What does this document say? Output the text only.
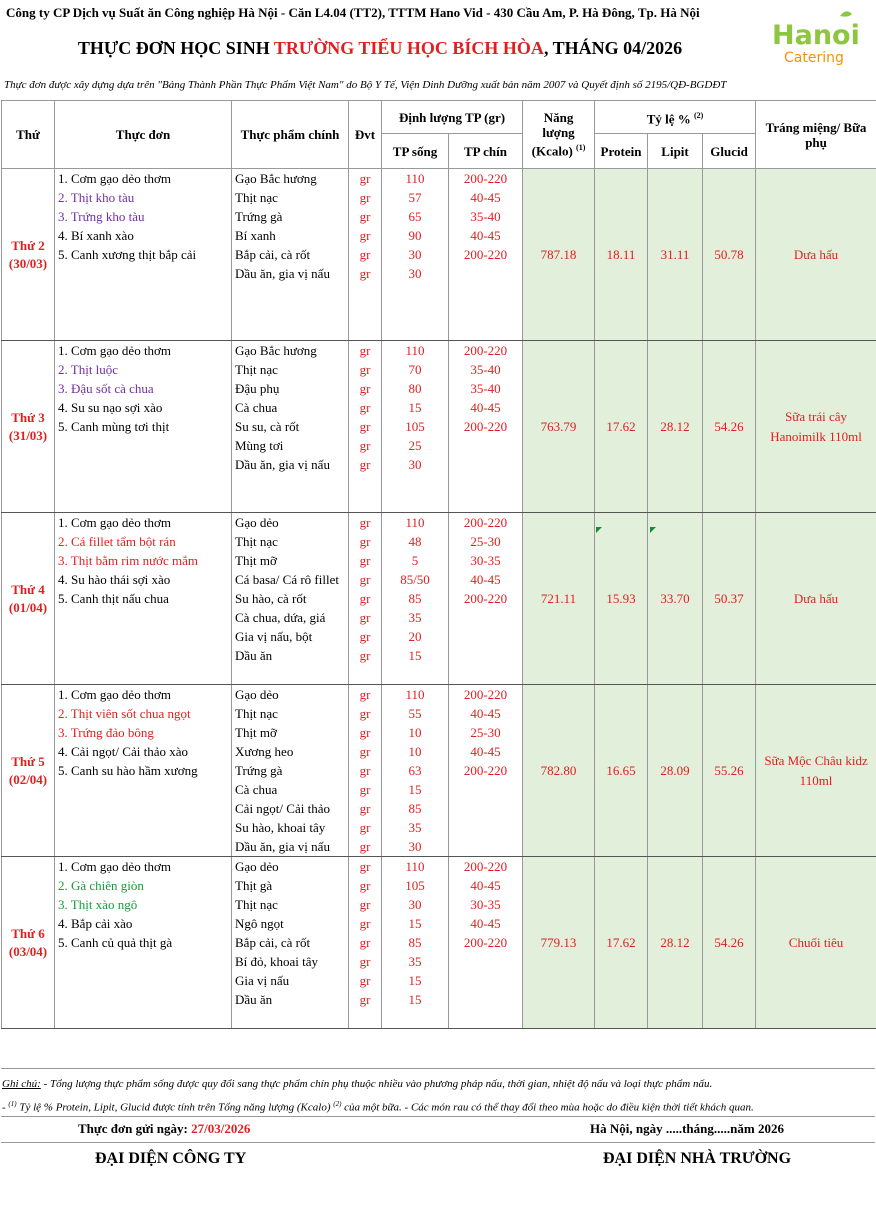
Công ty CP Dịch vụ Suất ăn Công nghiệp Hà Nội - Căn L4.04 (TT2), TTTM Hano Vid - 430 Cầu Am, P. Hà Đông, Tp. Hà Nội
THỰC ĐƠN HỌC SINH TRƯỜNG TIỂU HỌC BÍCH HÒA, THÁNG 04/2026	Hanoi
Catering
Thực đơn được xây dựng dựa trên "Bảng Thành Phần Thực Phẩm Việt Nam" do Bộ Y Tế, Viện Dinh Dưỡng xuất bản năm 2007 và Quyết định số 2195/QĐ-BGDĐT
Thứ	Thực đơn	Thực phẩm chính	Đvt	Định lượng TP (gr)		Năng lượng
(Kcalo) $^{(1)}$	Tỷ lệ % $^{(2)}$			Tráng miệng/ Bữa phụ
				TP sống	TP chín		Protein	Lipit	Glucid	

Thứ 2
(30/03)	1. Cơm gạo dẻo thơm	Gạo Bắc hương	gr	110	200-220	787.18	18.11	31.11	50.78	Dưa hấu
	2. Thịt kho tàu	Thịt nạc	gr	57	40-45					
	3. Trứng kho tàu	Trứng gà	gr	65	35-40					
	4. Bí xanh xào	Bí xanh	gr	90	40-45					
	5. Canh xương thịt bắp cải	Bắp cải, cà rốt	gr	30	200-220					
		Dầu ăn, gia vị nấu	gr	30						

Thứ 3
(31/03)	1. Cơm gạo dẻo thơm	Gạo Bắc hương	gr	110	200-220	763.79	17.62	28.12	54.26	Sữa trái cây Hanoimilk 110ml
	2. Thịt luộc	Thịt nạc	gr	70	35-40					
	3. Đậu sốt cà chua	Đậu phụ	gr	80	35-40					
	4. Su su nạo sợi xào	Cà chua	gr	15	40-45					
	5. Canh mùng tơi thịt	Su su, cà rốt	gr	105	200-220					
		Mùng tơi	gr	25						
		Dầu ăn, gia vị nấu	gr	30						

Thứ 4
(01/04)	1. Cơm gạo dẻo thơm	Gạo dẻo	gr	110	200-220	721.11	15.93	33.70	50.37	Dưa hấu
	2. Cá fillet tẩm bột rán	Thịt nạc	gr	48	25-30					
	3. Thịt bằm rim nước mắm	Thịt mỡ	gr	5	30-35					
	4. Su hào thái sợi xào	Cá basa/ Cá rô fillet	gr	85/50	40-45					
	5. Canh thịt nấu chua	Su hào, cà rốt	gr	85	200-220					
		Cà chua, dứa, giá	gr	35						
		Gia vị nấu, bột	gr	20						
		Dầu ăn	gr	15						

Thứ 5
(02/04)	1. Cơm gạo dẻo thơm	Gạo dẻo	gr	110	200-220	782.80	16.65	28.09	55.26	Sữa Mộc Châu kidz 110ml
	2. Thịt viên sốt chua ngọt	Thịt nạc	gr	55	40-45					
	3. Trứng đảo bông	Thịt mỡ	gr	10	25-30					
	4. Cải ngọt/ Cải thảo xào	Xương heo	gr	10	40-45					
	5. Canh su hào hầm xương	Trứng gà	gr	63	200-220					
		Cà chua	gr	15						
		Cải ngọt/ Cải thảo	gr	85						
		Su hào, khoai tây	gr	35						
		Dầu ăn, gia vị nấu	gr	30						

Thứ 6
(03/04)	1. Cơm gạo dẻo thơm	Gạo dẻo	gr	110	200-220	779.13	17.62	28.12	54.26	Chuối tiêu
	2. Gà chiên giòn	Thịt gà	gr	105	40-45					
	3. Thịt xào ngô	Thịt nạc	gr	30	30-35					
	4. Bắp cải xào	Ngô ngọt	gr	15	40-45					
	5. Canh củ quả thịt gà	Bắp cải, cà rốt	gr	85	200-220					
		Bí đỏ, khoai tây	gr	35						
		Gia vị nấu	gr	15						
		Dầu ăn	gr	15						

Ghi chú: - Tổng lượng thực phẩm sống được quy đổi sang thực phẩm chín phụ thuộc nhiều vào phương pháp nấu, thời gian, nhiệt độ nấu và loại thực phẩm nấu.
- $^{(1)}$ Tỷ lệ % Protein, Lipit, Glucid được tính trên Tổng năng lượng (Kcalo) $^{(2)}$ của một bữa. - Các món rau có thể thay đổi theo mùa hoặc do điều kiện thời tiết khách quan.
Thực đơn gửi ngày: 27/03/2026	Hà Nội, ngày .....tháng.....năm 2026
ĐẠI DIỆN CÔNG TY	ĐẠI DIỆN NHÀ TRƯỜNG
